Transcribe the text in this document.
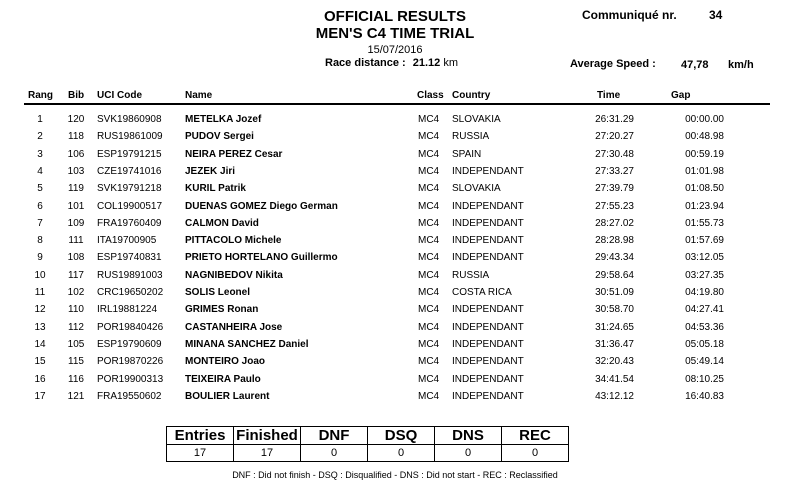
OFFICIAL RESULTS
MEN'S C4 TIME TRIAL
15/07/2016
Race distance : 21.12 km
Communiqué nr.	34
Average Speed : 47,78 km/h
Rang Bib UCI Code	Name	Class Country	Time	Gap
1	120	SVK19860908 METELKA Jozef	MC4 SLOVAKIA	26:31.29	00:00.00
2	118	RUS19861009 PUDOV Sergei	MC4 RUSSIA	27:20.27	00:48.98
3	106	ESP19791215 NEIRA PEREZ Cesar	MC4 SPAIN	27:30.48	00:59.19
4	103	CZE19741016 JEZEK Jiri	MC4 INDEPENDANT	27:33.27	01:01.98
5	119	SVK19791218 KURIL Patrik	MC4 SLOVAKIA	27:39.79	01:08.50
6	101	COL19900517 DUENAS GOMEZ Diego German	MC4 INDEPENDANT	27:55.23	01:23.94
7	109	FRA19760409 CALMON David	MC4 INDEPENDANT	28:27.02	01:55.73
8	111	ITA19700905	PITTACOLO Michele	MC4 INDEPENDANT	28:28.98	01:57.69
9	108	ESP19740831 PRIETO HORTELANO Guillermo	MC4 INDEPENDANT	29:43.34	03:12.05
10	117	RUS19891003 NAGNIBEDOV Nikita	MC4 RUSSIA	29:58.64	03:27.35
11	102	CRC19650202 SOLIS Leonel	MC4 COSTA RICA	30:51.09	04:19.80
12	110	IRL19881224	GRIMES Ronan	MC4 INDEPENDANT	30:58.70	04:27.41
13	112	POR19840426 CASTANHEIRA Jose	MC4 INDEPENDANT	31:24.65	04:53.36
14	105	ESP19790609 MINANA SANCHEZ Daniel	MC4 INDEPENDANT	31:36.47	05:05.18
15	115	POR19870226 MONTEIRO Joao	MC4 INDEPENDANT	32:20.43	05:49.14
16	116	POR19900313 TEIXEIRA Paulo	MC4 INDEPENDANT	34:41.54	08:10.25
17	121	FRA19550602 BOULIER Laurent	MC4 INDEPENDANT	43:12.12	16:40.83
Entries	Finished	DNF	DSQ	DNS	REC
17	17	0	0	0	0
DNF : Did not finish - DSQ : Disqualified - DNS : Did not start - REC : Reclassified
